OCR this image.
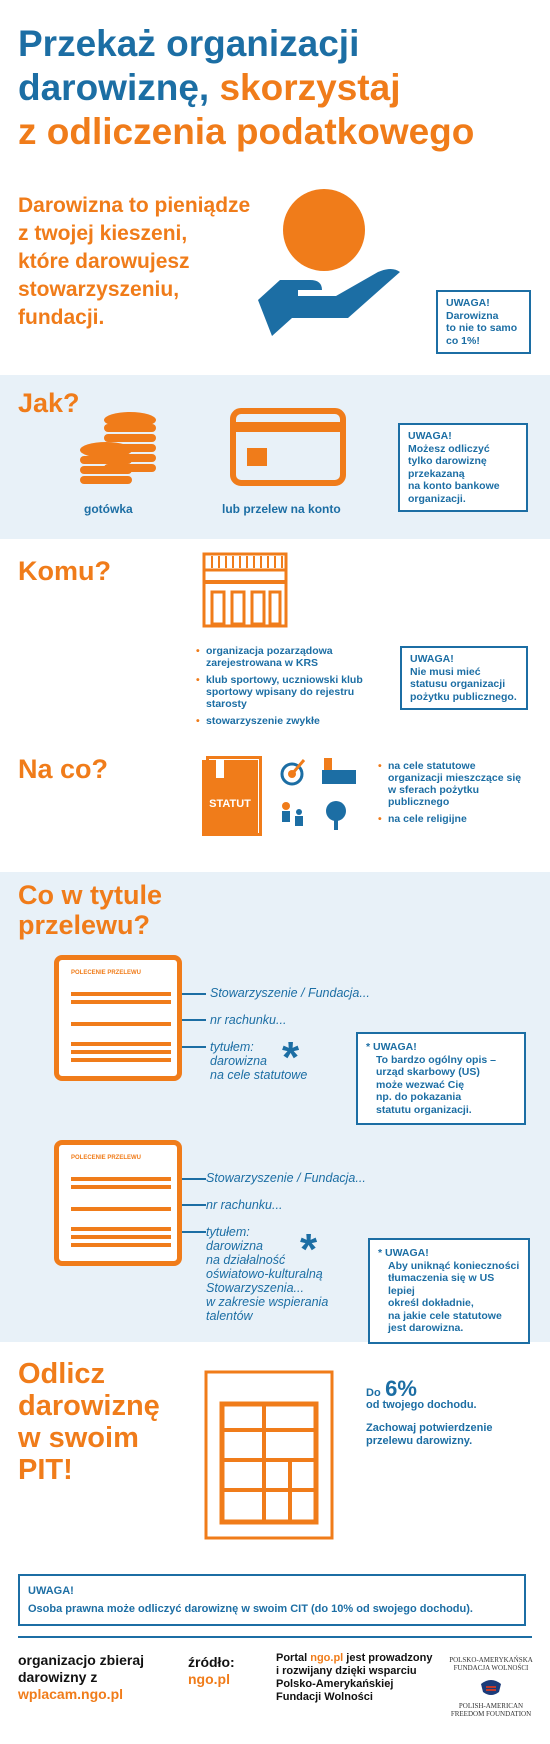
Przekaż organizacji
darowiznę, skorzystaj
z odliczenia podatkowego
Darowizna to pieniądze
z twojej kieszeni,
które darowujesz
stowarzyszeniu,
fundacji.
UWAGA!
Darowizna
to nie to samo
co 1%!
Jak?
gotówka	lub przelew na konto
UWAGA!
Możesz odliczyć
tylko darowiznę
przekazaną
na konto bankowe
organizacji.
Komu?
• organizacja pozarządowa zarejestrowana w KRS
• klub sportowy, uczniowski klub sportowy wpisany do rejestru starosty
• stowarzyszenie zwykłe
UWAGA!
Nie musi mieć
statusu organizacji
pożytku publicznego.
Na co?
STATUT
• na cele statutowe organizacji mieszczące się w sferach pożytku publicznego
• na cele religijne
Co w tytule
przelewu?
POLECENIE PRZELEWU
Stowarzyszenie / Fundacja...
nr rachunku...
tytułem:
darowizna
na cele statutowe
*	* UWAGA!
To bardzo ogólny opis –
urząd skarbowy (US)
może wezwać Cię
np. do pokazania
statutu organizacji.
POLECENIE PRZELEWU
Stowarzyszenie / Fundacja...
nr rachunku...
tytułem:
darowizna
na działalność
oświatowo-kulturalną
Stowarzyszenia...
w zakresie wspierania
talentów
*	* UWAGA!
Aby uniknąć konieczności
tłumaczenia się w US lepiej
określ dokładnie,
na jakie cele statutowe
jest darowizna.
Odlicz
darowiznę
w swoim
PIT!
Do 6%
od twojego dochodu.
Zachowaj potwierdzenie
przelewu darowizny.
UWAGA!
Osoba prawna może odliczyć darowiznę w swoim CIT (do 10% od swojego dochodu).
organizacjo zbieraj
darowizny z
wplacam.ngo.pl
źródło:
ngo.pl
Portal ngo.pl jest prowadzony
i rozwijany dzięki wsparciu
Polsko-Amerykańskiej
Fundacji Wolności
POLSKO-AMERYKAŃSKA
FUNDACJA WOLNOŚCI
POLISH-AMERICAN
FREEDOM FOUNDATION
